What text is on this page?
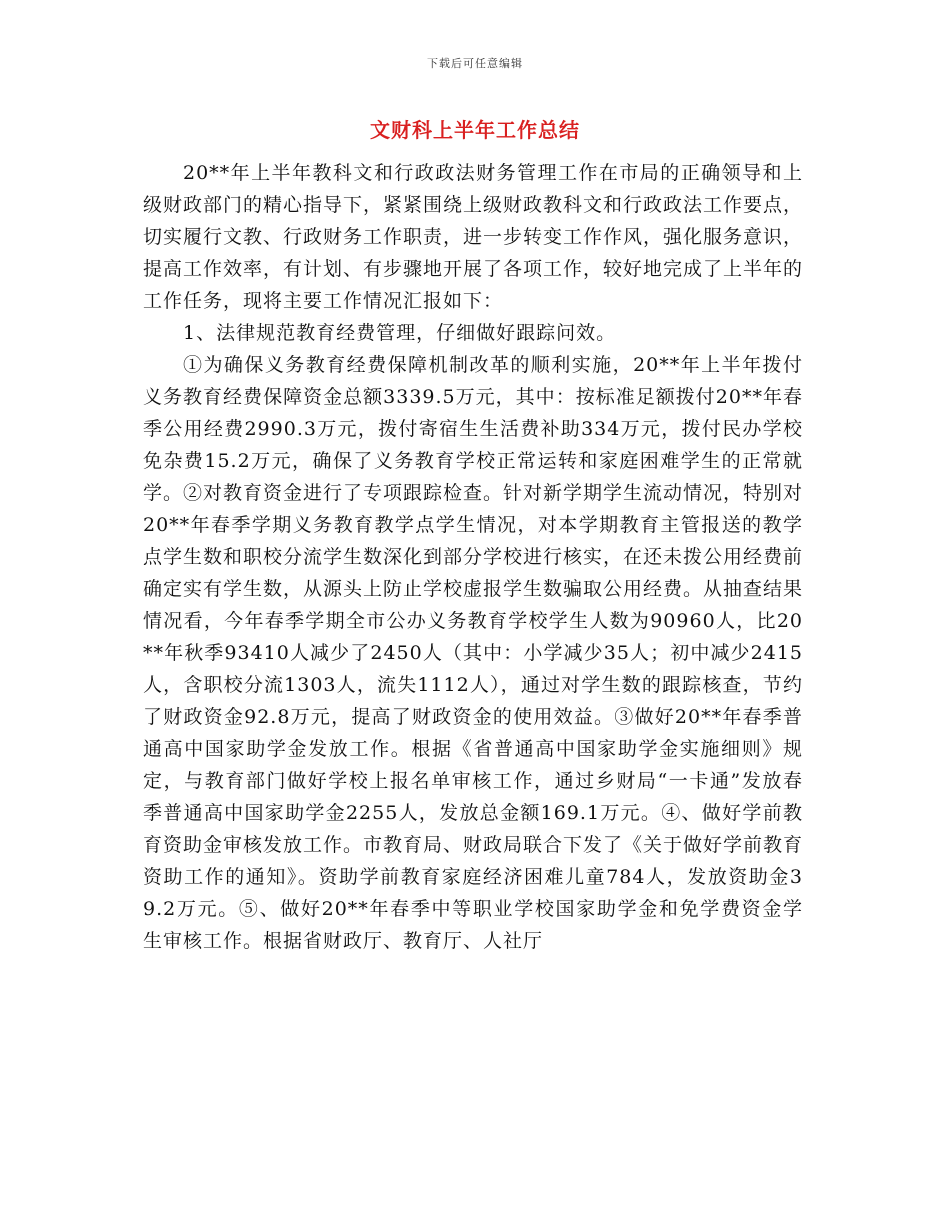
下载后可任意编辑
文财科上半年工作总结

20**年上半年教科文和行政政法财务管理工作在市局的正确领导和上级财政部门的精心指导下，紧紧围绕上级财政教科文和行政政法工作要点，切实履行文教、行政财务工作职责，进一步转变工作作风，强化服务意识，提高工作效率，有计划、有步骤地开展了各项工作，较好地完成了上半年的工作任务，现将主要工作情况汇报如下：

1、法律规范教育经费管理，仔细做好跟踪问效。

①为确保义务教育经费保障机制改革的顺利实施，20**年上半年拨付义务教育经费保障资金总额3339.5万元，其中：按标准足额拨付20**年春季公用经费2990.3万元，拨付寄宿生生活费补助334万元，拨付民办学校免杂费15.2万元，确保了义务教育学校正常运转和家庭困难学生的正常就学。②对教育资金进行了专项跟踪检查。针对新学期学生流动情况，特别对20**年春季学期义务教育教学点学生情况，对本学期教育主管报送的教学点学生数和职校分流学生数深化到部分学校进行核实，在还未拨公用经费前确定实有学生数，从源头上防止学校虚报学生数骗取公用经费。从抽查结果情况看，今年春季学期全市公办义务教育学校学生人数为90960人，比20**年秋季93410人减少了2450人（其中：小学减少35人；初中减少2415人，含职校分流1303人，流失1112人），通过对学生数的跟踪核查，节约了财政资金92.8万元，提高了财政资金的使用效益。③做好20**年春季普通高中国家助学金发放工作。根据《省普通高中国家助学金实施细则》规定，与教育部门做好学校上报名单审核工作，通过乡财局“一卡通”发放春季普通高中国家助学金2255人，发放总金额169.1万元。④、做好学前教育资助金审核发放工作。市教育局、财政局联合下发了《关于做好学前教育资助工作的通知》。资助学前教育家庭经济困难儿童784人，发放资助金39.2万元。⑤、做好20**年春季中等职业学校国家助学金和免学费资金学生审核工作。根据省财政厅、教育厅、人社厅
